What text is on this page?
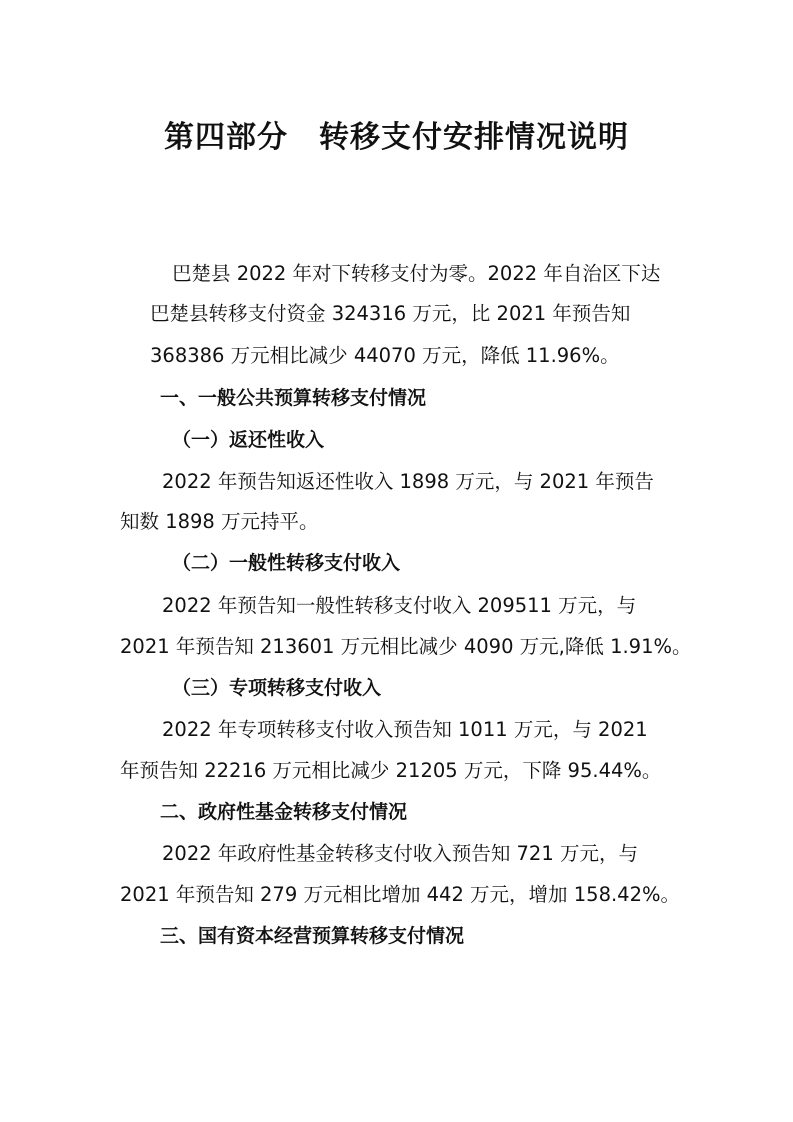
第四部分　转移支付安排情况说明

巴楚县 2022 年对下转移支付为零。2022 年自治区下达

巴楚县转移支付资金 324316 万元，比 2021 年预告知

368386 万元相比减少 44070 万元，降低 11.96%。

一、一般公共预算转移支付情况

（一）返还性收入

2022 年预告知返还性收入 1898 万元，与 2021 年预告

知数 1898 万元持平。

（二）一般性转移支付收入

2022 年预告知一般性转移支付收入 209511 万元，与

2021 年预告知 213601 万元相比减少 4090 万元,降低 1.91%。

（三）专项转移支付收入

2022 年专项转移支付收入预告知 1011 万元，与 2021

年预告知 22216 万元相比减少 21205 万元，下降 95.44%。

二、政府性基金转移支付情况

2022 年政府性基金转移支付收入预告知 721 万元，与

2021 年预告知 279 万元相比增加 442 万元，增加 158.42%。

三、国有资本经营预算转移支付情况
